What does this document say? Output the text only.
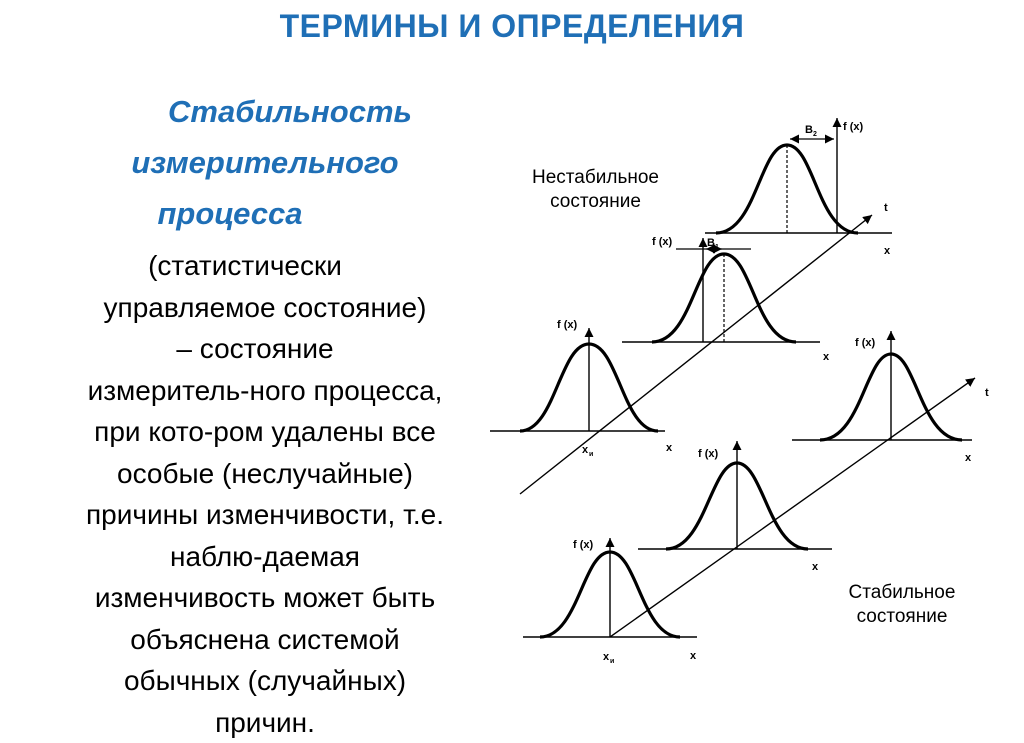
ТЕРМИНЫ И ОПРЕДЕЛЕНИЯ
Стабильность
измерительного
процесса
(статистически
управляемое состояние)
– состояние
измеритель-ного процесса,
при кото-ром удалены все
особые (неслучайные)
причины изменчивости, т.е.
наблю-даемая
изменчивость может быть
объяснена системой
обычных (случайных)
причин.
Нестабильное
состояние
Стабильное
состояние
t
f (x)
x
x и
f (x)	B 1
x
B 2
f (x)
x
t
f (x)
x
x и
f (x)
x
f (x)
x
